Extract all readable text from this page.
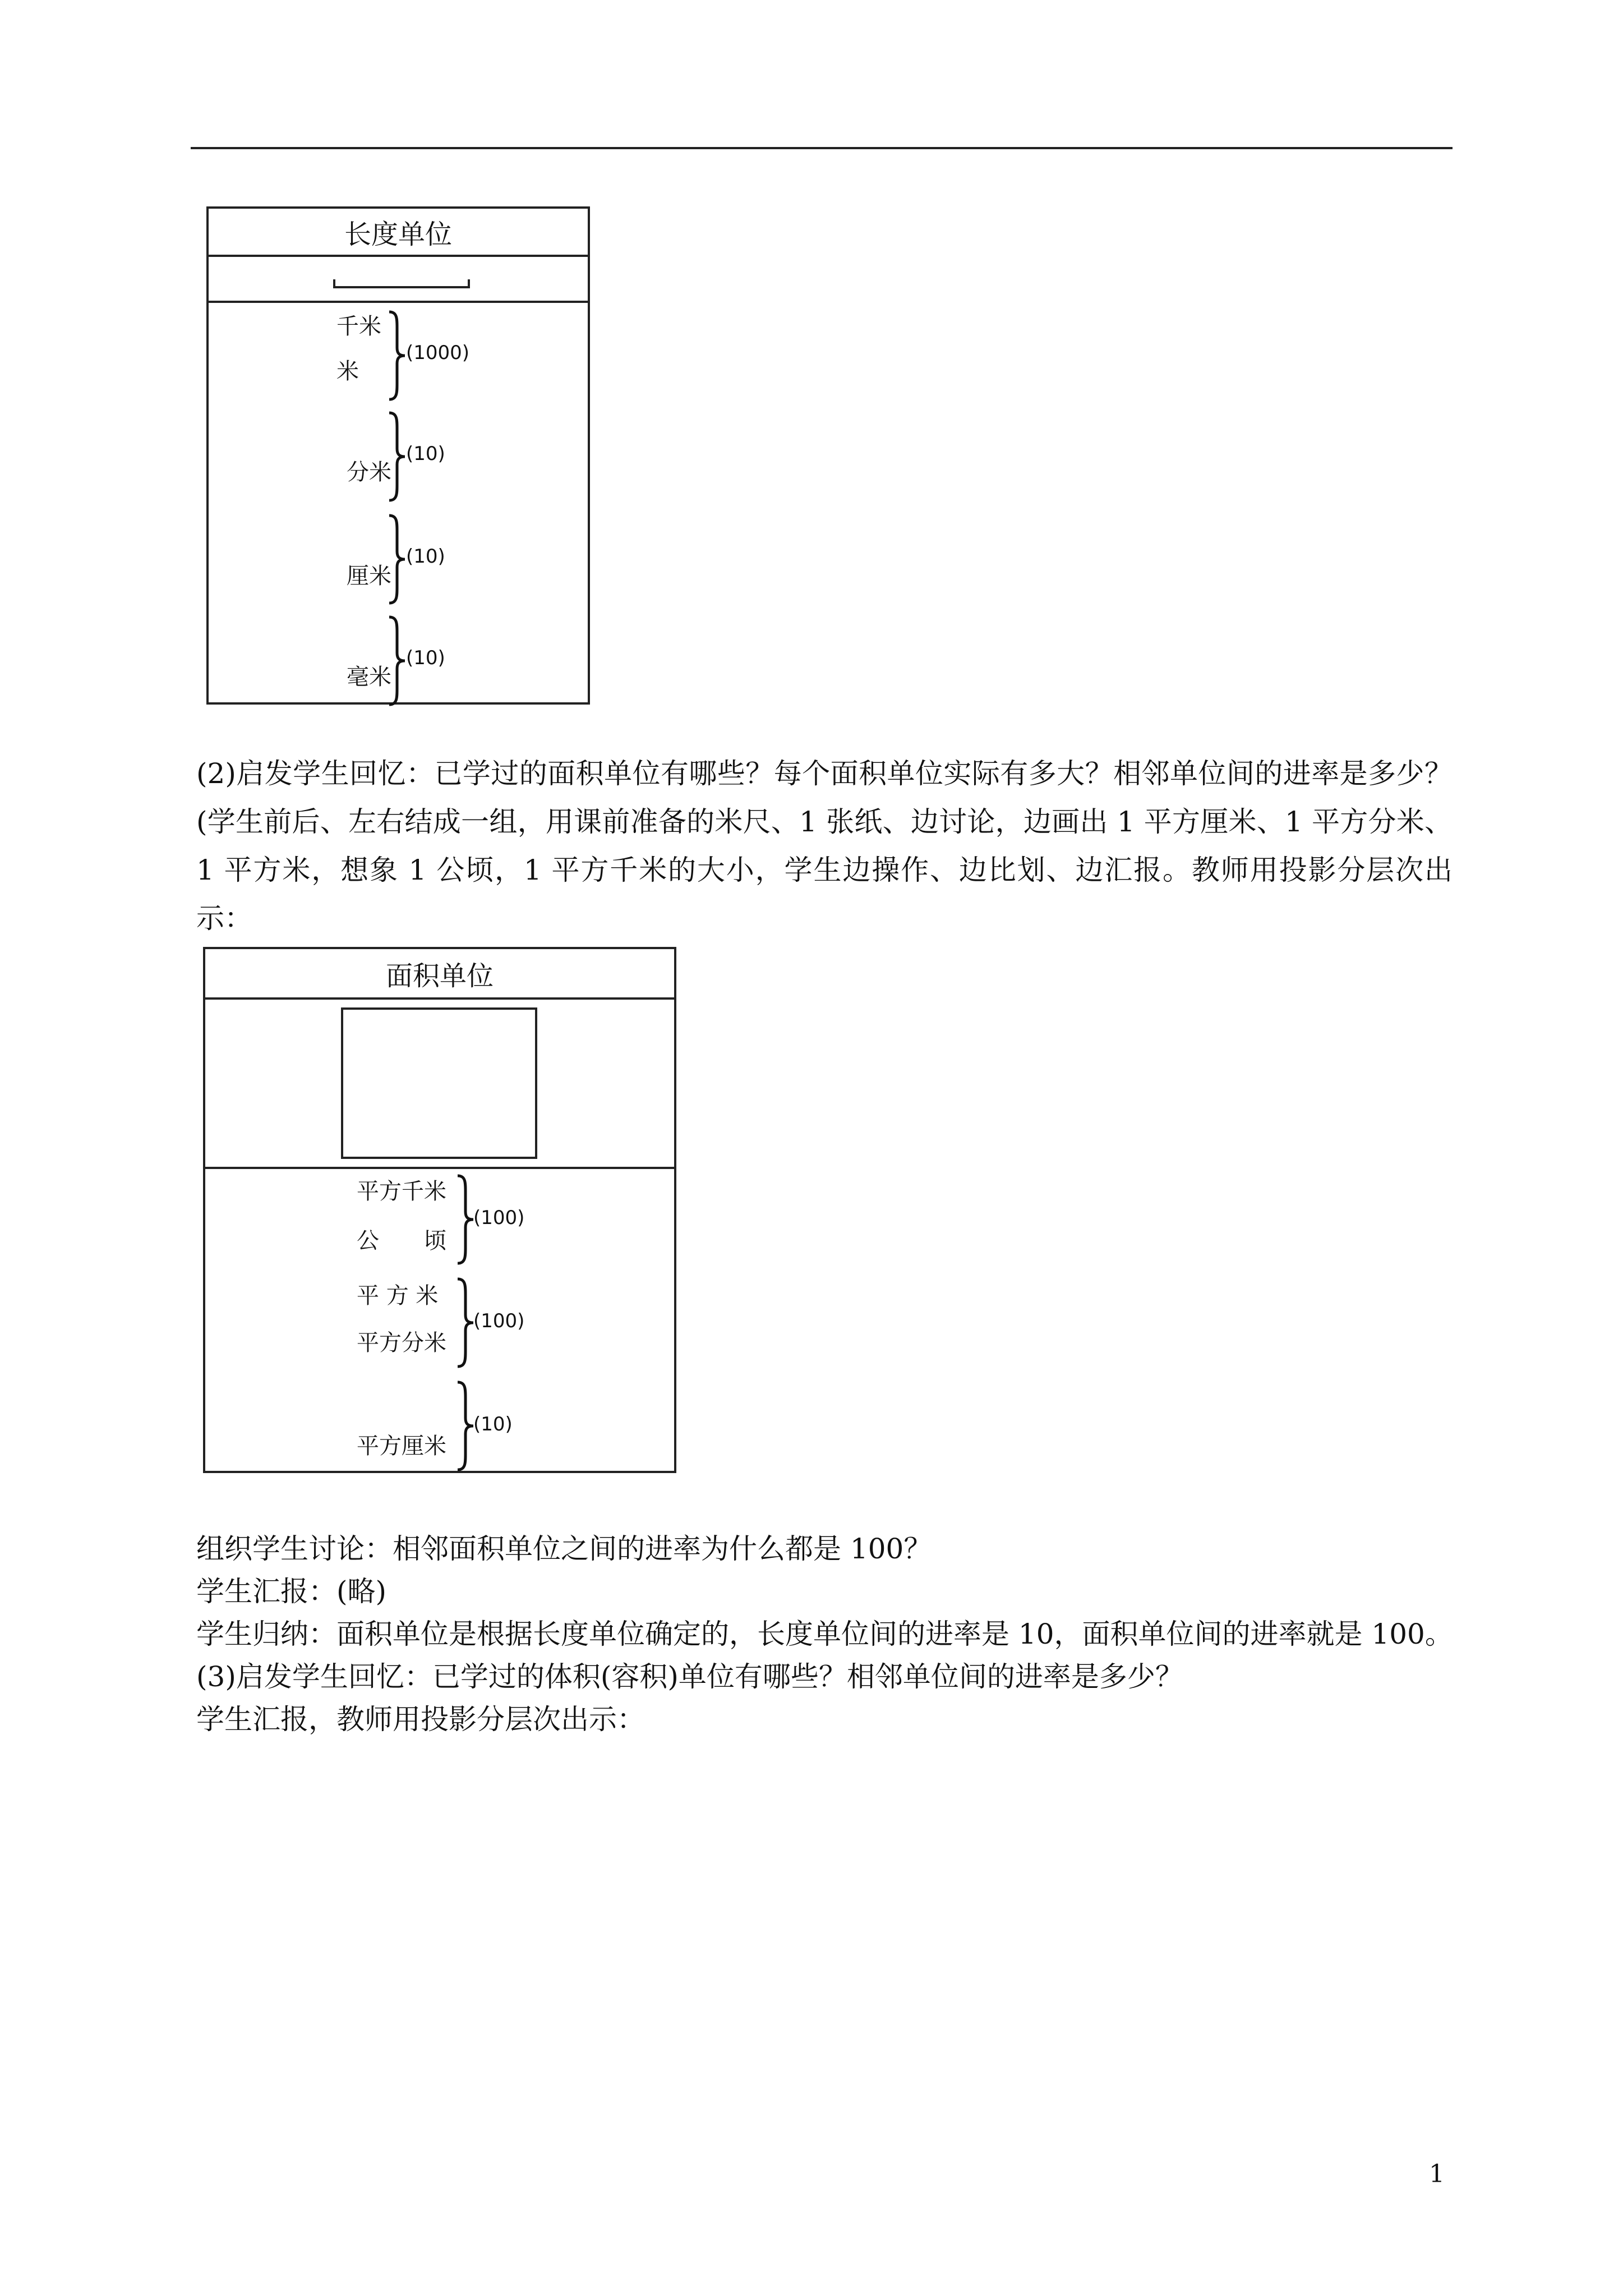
长度单位
千米
米
分米
厘米
毫米
(1000)
(10)
(10)
(10)
(2)启发学生回忆：已学过的面积单位有哪些？每个面积单位实际有多大？相邻单位间的进率是多少？(学生前后、左右结成一组，用课前准备的米尺、1 张纸、边讨论，边画出 1 平方厘米、1 平方分米、1 平方米，想象 1 公顷，1 平方千米的大小，学生边操作、边比划、边汇报。教师用投影分层次出示：
面积单位
平方千米
公　　顷
平 方 米
平方分米
平方厘米
(100)
(100)
(10)
组织学生讨论：相邻面积单位之间的进率为什么都是 100？
学生汇报：(略)
学生归纳：面积单位是根据长度单位确定的，长度单位间的进率是 10，面积单位间的进率就是 100。
(3)启发学生回忆：已学过的体积(容积)单位有哪些？相邻单位间的进率是多少？
学生汇报，教师用投影分层次出示：
1
